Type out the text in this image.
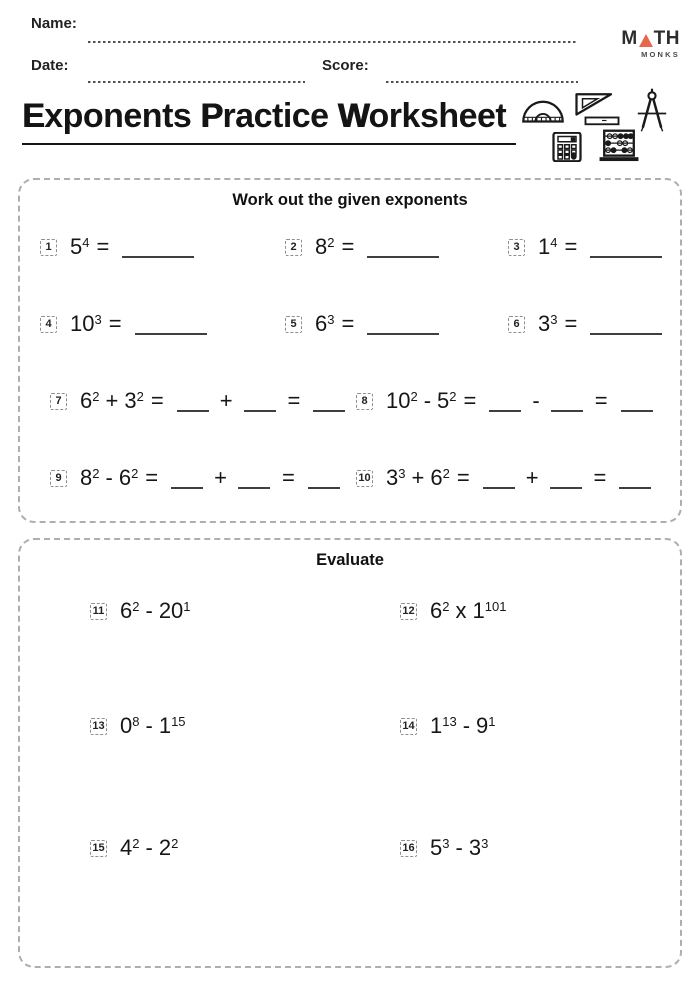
Name:
Date:	Score:
M TH
MONKS
Exponents Practice Worksheet
Work out the given exponents
1 $5^4$ =	2 $8^2$ =	3 $1^4$ =
4 $10^3$ =	5 $6^3$ =	6 $3^3$ =
7 $6^2 + 3^2$ =	+	=	8 $10^2 - 5^2$ =	-	=
9 $8^2 - 6^2$ =	+	=	10 $3^3 + 6^2$ =	+	=
Evaluate
11 $6^2 - 20^1$	12 $6^2$ x $1^{101}$
13 $0^8 - 1^{15}$	14 $1^{13} - 9^1$
15 $4^2 - 2^2$	16 $5^3 - 3^3$
